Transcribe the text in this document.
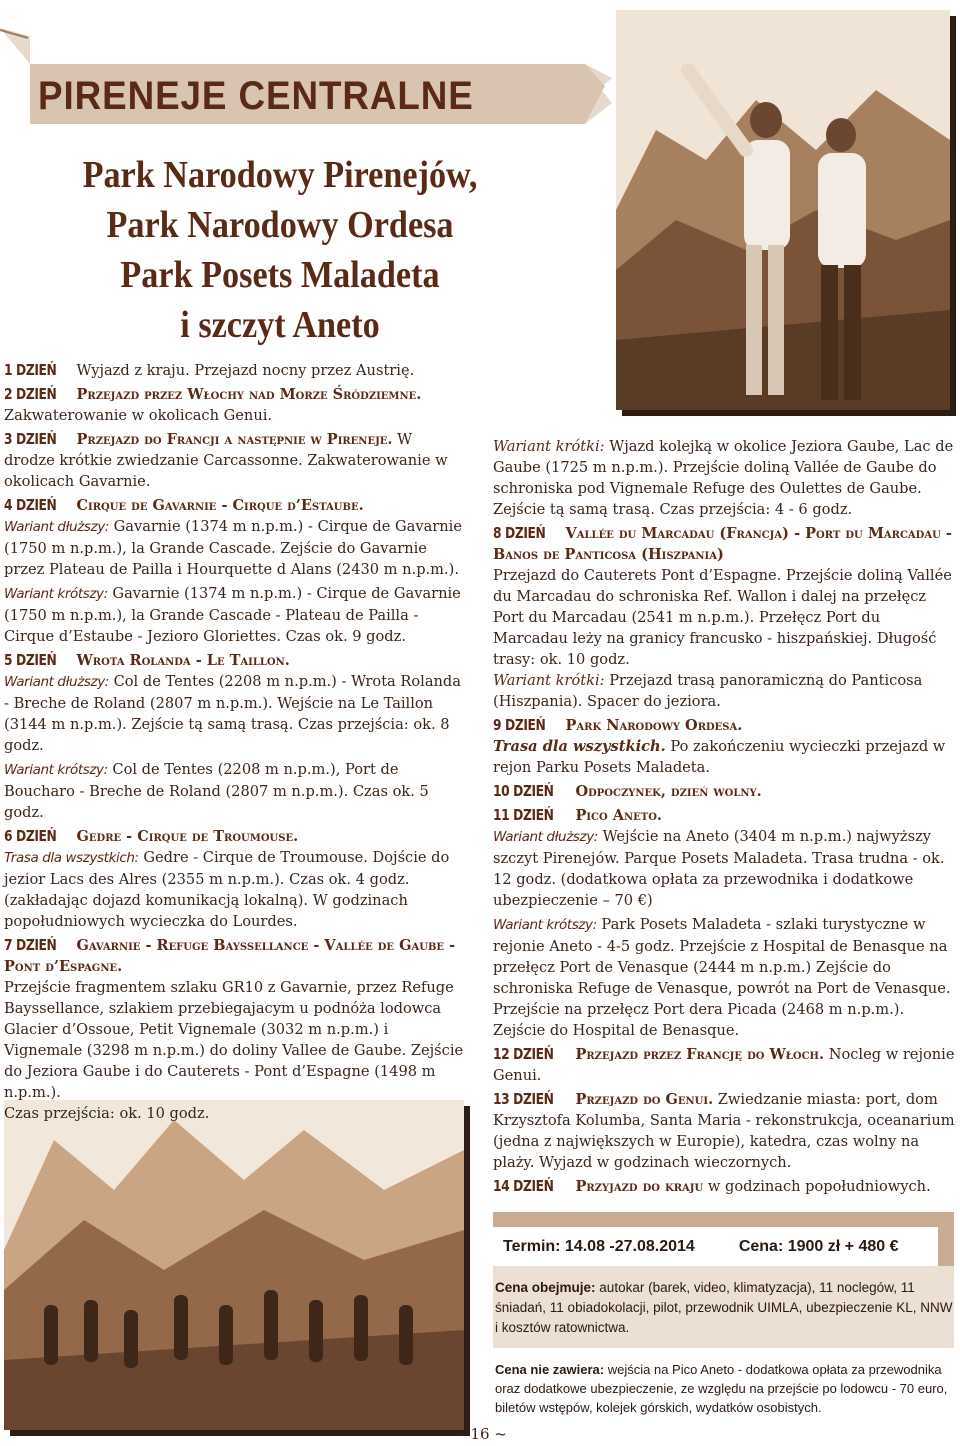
PIRENEJE CENTRALNE
Park Narodowy Pirenejów,
Park Narodowy Ordesa
Park Posets Maladeta
i szczyt Aneto
1 DZIEŃ Wyjazd z kraju. Przejazd nocny przez Austrię.
2 DZIEŃ Przejazd przez Włochy nad Morze Śródziemne.
Zakwaterowanie w okolicach Genui.
3 DZIEŃ Przejazd do Francji a następnie w Pireneje. W drodze krótkie zwiedzanie Carcassonne. Zakwaterowanie w okolicach Gavarnie.
4 DZIEŃ Cirque de Gavarnie - Cirque d’Estaube.
Wariant dłuższy: Gavarnie (1374 m n.p.m.) - Cirque de Gavarnie (1750 m n.p.m.), la Grande Cascade. Zejście do Gavarnie przez Plateau de Pailla i Hourquette d Alans (2430 m n.p.m.).
Wariant krótszy: Gavarnie (1374 m n.p.m.) - Cirque de Gavarnie (1750 m n.p.m.), la Grande Cascade - Plateau de Pailla - Cirque d’Estaube - Jezioro Gloriettes. Czas ok. 9 godz.
5 DZIEŃ Wrota Rolanda - Le Taillon.
Wariant dłuższy: Col de Tentes (2208 m n.p.m.) - Wrota Rolanda - Breche de Roland (2807 m n.p.m.). Wejście na Le Taillon (3144 m n.p.m.). Zejście tą samą trasą. Czas przejścia: ok. 8 godz.
Wariant krótszy: Col de Tentes (2208 m n.p.m.), Port de Boucharo - Breche de Roland (2807 m n.p.m.). Czas ok. 5 godz.
6 DZIEŃ Gedre - Cirque de Troumouse.
Trasa dla wszystkich: Gedre - Cirque de Troumouse. Dojście do jezior Lacs des Alres (2355 m n.p.m.). Czas ok. 4 godz. (zakładając dojazd komunikacją lokalną). W godzinach popołudniowych wycieczka do Lourdes.
7 DZIEŃ Gavarnie - Refuge Bayssellance - Vallée de Gaube - Pont d’Espagne.
Przejście fragmentem szlaku GR10 z Gavarnie, przez Refuge Bayssellance, szlakiem przebiegajacym u podnóża lodowca Glacier d’Ossoue, Petit Vignemale (3032 m n.p.m.) i Vignemale (3298 m n.p.m.) do doliny Vallee de Gaube. Zejście do Jeziora Gaube i do Cauterets - Pont d’Espagne (1498 m n.p.m.).
Czas przejścia: ok. 10 godz.
Wariant krótki: Wjazd kolejką w okolice Jeziora Gaube, Lac de Gaube (1725 m n.p.m.). Przejście doliną Vallée de Gaube do schroniska pod Vignemale Refuge des Oulettes de Gaube. Zejście tą samą trasą. Czas przejścia: 4 - 6 godz.
8 DZIEŃ Vallée du Marcadau (Francja) - Port du Marcadau - Banos de Panticosa (Hiszpania)
Przejazd do Cauterets Pont d’Espagne. Przejście doliną Vallée du Marcadau do schroniska Ref. Wallon i dalej na przełęcz Port du Marcadau (2541 m n.p.m.). Przełęcz Port du Marcadau leży na granicy francusko - hiszpańskiej. Długość trasy: ok. 10 godz.
Wariant krótki: Przejazd trasą panoramiczną do Panticosa (Hiszpania). Spacer do jeziora.
9 DZIEŃ Park Narodowy Ordesa.
Trasa dla wszystkich. Po zakończeniu wycieczki przejazd w rejon Parku Posets Maladeta.
10 DZIEŃ Odpoczynek, dzień wolny.
11 DZIEŃ Pico Aneto.
Wariant dłuższy: Wejście na Aneto (3404 m n.p.m.) najwyższy szczyt Pirenejów. Parque Posets Maladeta. Trasa trudna - ok. 12 godz. (dodatkowa opłata za przewodnika i dodatkowe ubezpieczenie – 70 €)
Wariant krótszy: Park Posets Maladeta - szlaki turystyczne w rejonie Aneto - 4-5 godz. Przejście z Hospital de Benasque na przełęcz Port de Venasque (2444 m n.p.m.) Zejście do schroniska Refuge de Venasque, powrót na Port de Venasque. Przejście na przełęcz Port dera Picada (2468 m n.p.m.). Zejście do Hospital de Benasque.
12 DZIEŃ Przejazd przez Francję do Włoch. Nocleg w rejonie Genui.
13 DZIEŃ Przejazd do Genui. Zwiedzanie miasta: port, dom Krzysztofa Kolumba, Santa Maria - rekonstrukcja, oceanarium (jedna z największych w Europie), katedra, czas wolny na plaży. Wyjazd w godzinach wieczornych.
14 DZIEŃ Przyjazd do kraju w godzinach popołudniowych.
Termin: 14.08 -27.08.2014	Cena: 1900 zł + 480 €
Cena obejmuje: autokar (barek, video, klimatyzacja), 11 noclegów, 11 śniadań, 11 obiadokolacji, pilot, przewodnik UIMLA, ubezpieczenie KL, NNW i kosztów ratownictwa.
Cena nie zawiera: wejścia na Pico Aneto - dodatkowa opłata za przewodnika oraz dodatkowe ubezpieczenie, ze względu na przejście po lodowcu - 70 euro, biletów wstępów, kolejek górskich, wydatków osobistych.
~ 16 ~
